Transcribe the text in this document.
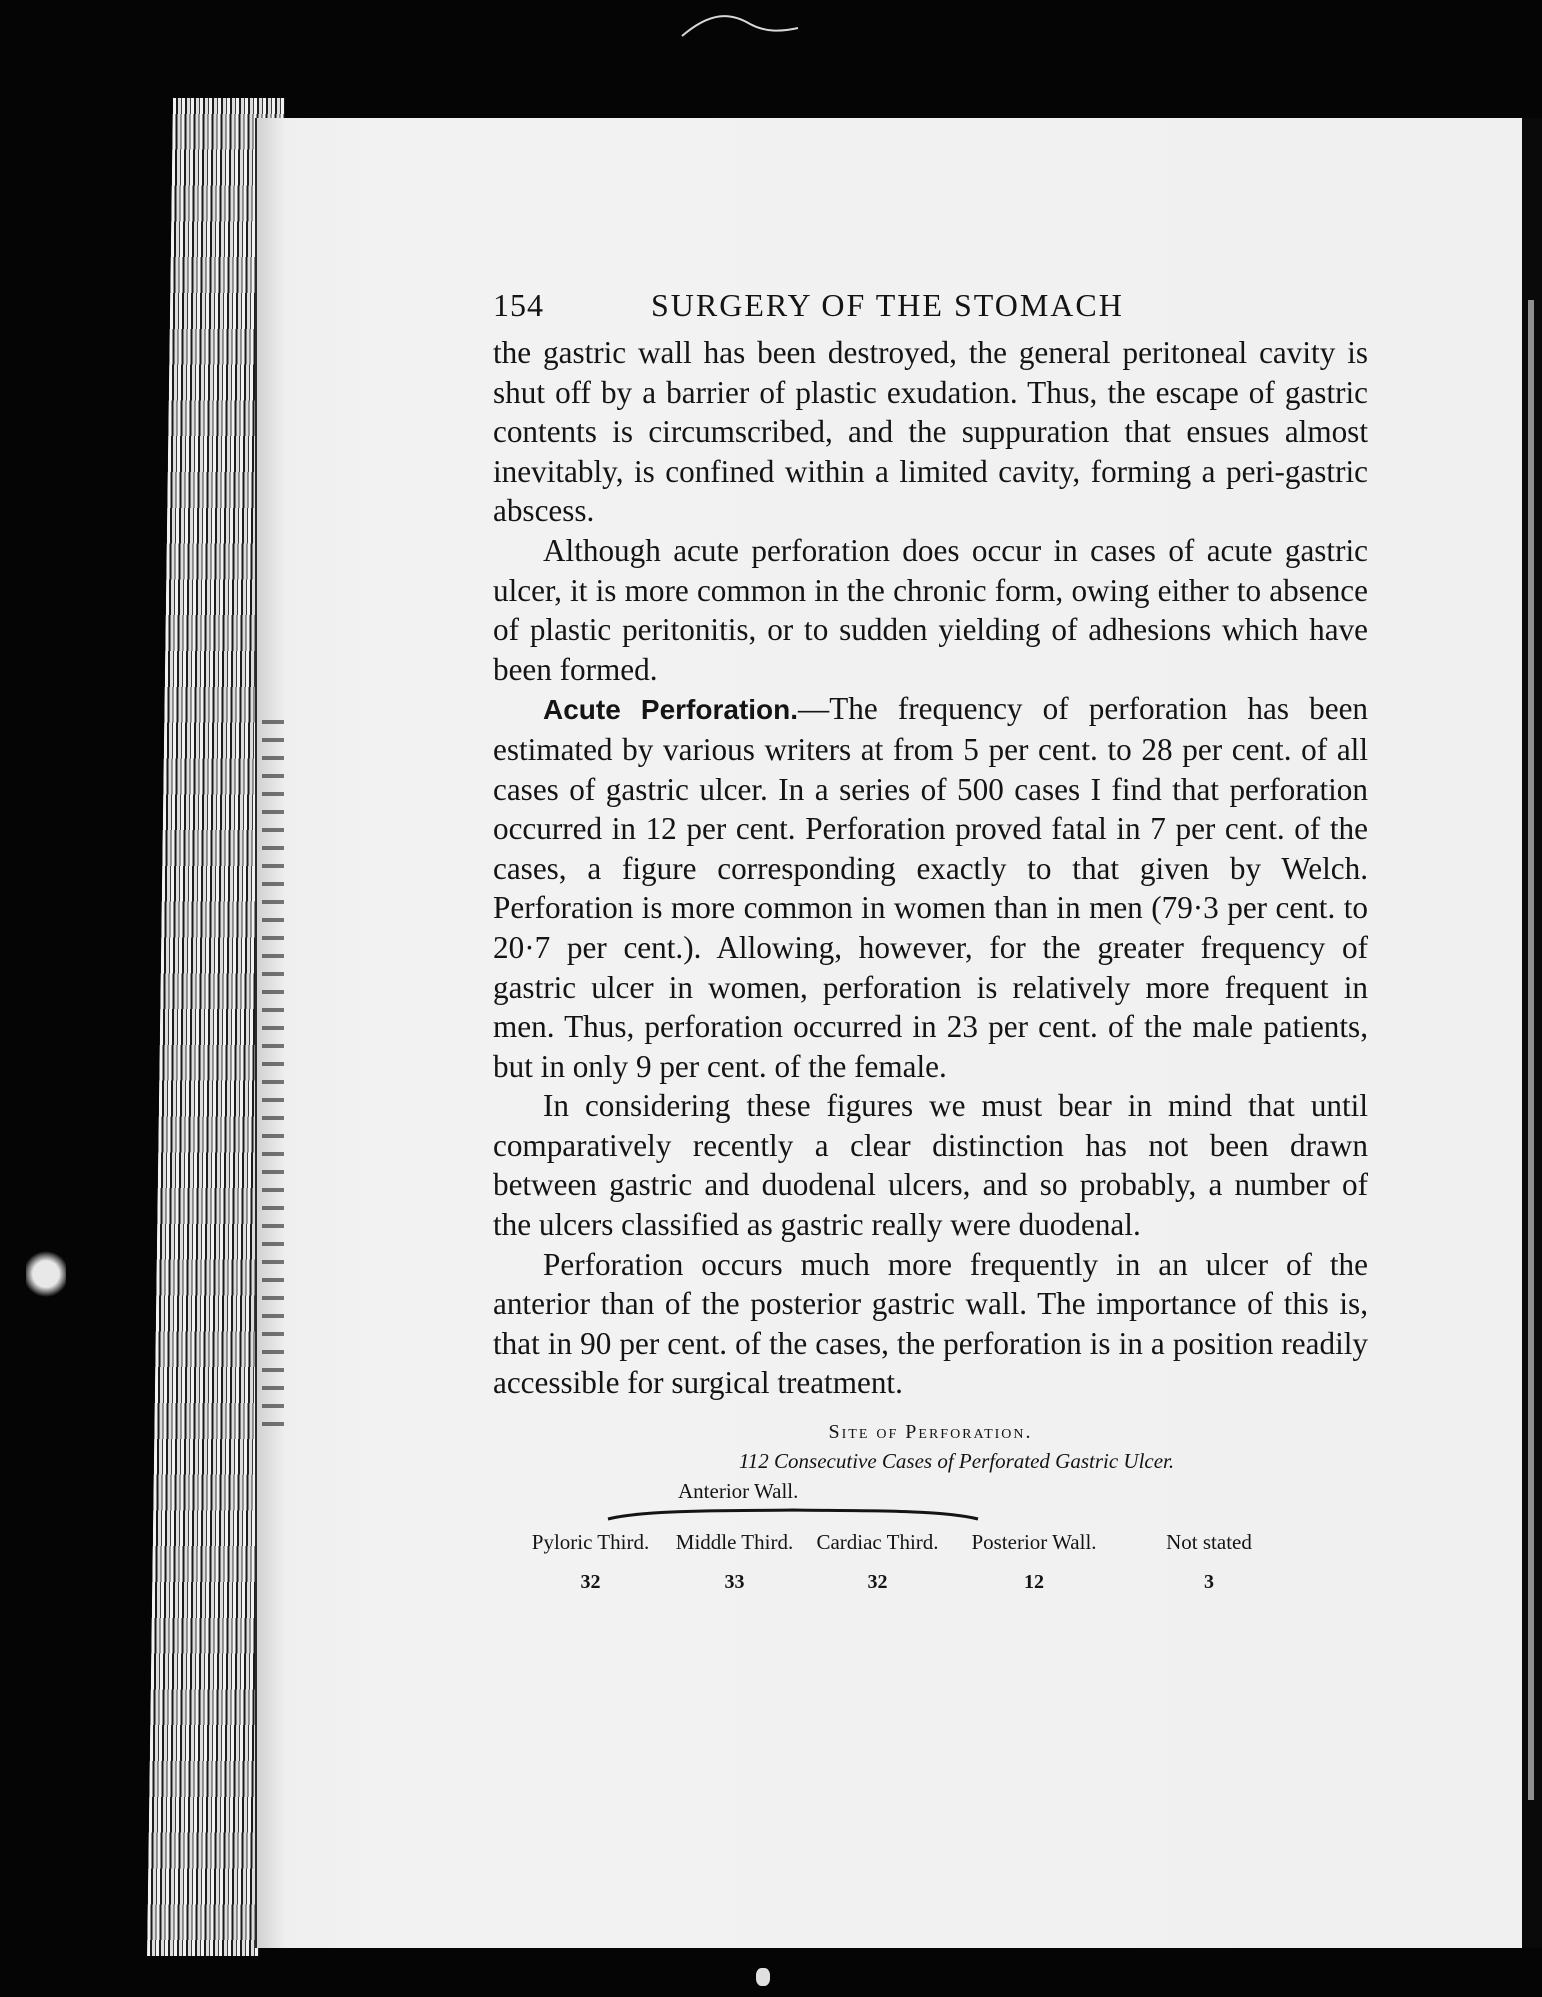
154	SURGERY OF THE STOMACH

the gastric wall has been destroyed, the general peritoneal cavity is shut off by a barrier of plastic exudation. Thus, the escape of gastric contents is circumscribed, and the suppuration that ensues almost inevitably, is confined within a limited cavity, forming a peri-gastric abscess.

Although acute perforation does occur in cases of acute gastric ulcer, it is more common in the chronic form, owing either to absence of plastic peritonitis, or to sudden yielding of adhesions which have been formed.

Acute Perforation.—The frequency of perforation has been estimated by various writers at from 5 per cent. to 28 per cent. of all cases of gastric ulcer. In a series of 500 cases I find that perforation occurred in 12 per cent. Perforation proved fatal in 7 per cent. of the cases, a figure corresponding exactly to that given by Welch. Perforation is more common in women than in men (79·3 per cent. to 20·7 per cent.). Allowing, however, for the greater frequency of gastric ulcer in women, perforation is relatively more frequent in men. Thus, perforation occurred in 23 per cent. of the male patients, but in only 9 per cent. of the female.

In considering these figures we must bear in mind that until comparatively recently a clear distinction has not been drawn between gastric and duodenal ulcers, and so probably, a number of the ulcers classified as gastric really were duodenal.

Perforation occurs much more frequently in an ulcer of the anterior than of the posterior gastric wall. The importance of this is, that in 90 per cent. of the cases, the perforation is in a position readily accessible for surgical treatment.

Site of Perforation.
112 Consecutive Cases of Perforated Gastric Ulcer.
Anterior Wall.
Pyloric Third.	Middle Third.	Cardiac Third.	Posterior Wall.	Not stated
32	33	32	12	3
